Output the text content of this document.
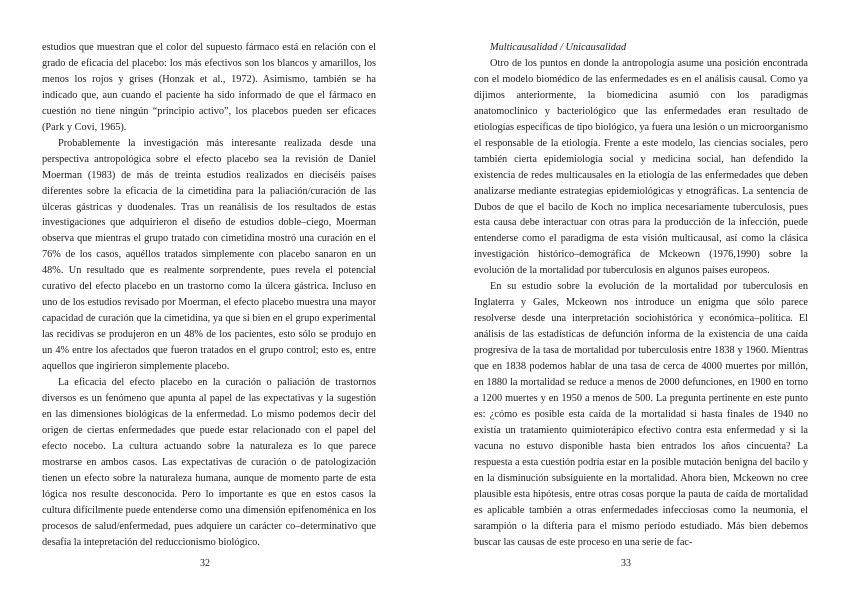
estudios que muestran que el color del supuesto fármaco está en relación con el grado de eficacia del placebo: los más efectivos son los blancos y amarillos, los menos los rojos y grises (Honzak et al., 1972). Asimismo, también se ha indicado que, aun cuando el paciente ha sido informado de que el fármaco en cuestión no tiene ningún “principio activo”, los placebos pueden ser eficaces (Park y Covi, 1965).

Probablemente la investigación más interesante realizada desde una perspectiva antropológica sobre el efecto placebo sea la revisión de Daniel Moerman (1983) de más de treinta estudios realizados en dieciséis países diferentes sobre la eficacia de la cimetidina para la paliación/curación de las úlceras gástricas y duodenales. Tras un reanálisis de los resultados de estas investigaciones que adquirieron el diseño de estudios doble–ciego, Moerman observa que mientras el grupo tratado con cimetidina mostró una curación en el 76% de los casos, aquéllos tratados simplemente con placebo sanaron en un 48%. Un resultado que es realmente sorprendente, pues revela el potencial curativo del efecto placebo en un trastorno como la úlcera gástrica. Incluso en uno de los estudios revisado por Moerman, el efecto placebo muestra una mayor capacidad de curación que la cimetidina, ya que si bien en el grupo experimental las recidivas se produjeron en un 48% de los pacientes, esto sólo se produjo en un 4% entre los afectados que fueron tratados en el grupo control; esto es, entre aquellos que ingirieron simplemente placebo.

La eficacia del efecto placebo en la curación o paliación de trastornos diversos es un fenómeno que apunta al papel de las expectativas y la sugestión en las dimensiones biológicas de la enfermedad. Lo mismo podemos decir del origen de ciertas enfermedades que puede estar relacionado con el papel del efecto nocebo. La cultura actuando sobre la naturaleza es lo que parece mostrarse en ambos casos. Las expectativas de curación o de patologización tienen un efecto sobre la naturaleza humana, aunque de momento parte de esta lógica nos resulte desconocida. Pero lo importante es que en estos casos la cultura difícilmente puede entenderse como una dimensión epifenoménica en los procesos de salud/enfermedad, pues adquiere un carácter co–determinativo que desafía la intepretación del reduccionismo biológico.

32

Multicausalidad / Unicausalidad

Otro de los puntos en donde la antropología asume una posición encontrada con el modelo biomédico de las enfermedades es en el análisis causal. Como ya dijimos anteriormente, la biomedicina asumió con los paradigmas anatomoclínico y bacteriológico que las enfermedades eran resultado de etiologías específicas de tipo biológico, ya fuera una lesión o un microorganismo el responsable de la etiología. Frente a este modelo, las ciencias sociales, pero también cierta epidemiología social y medicina social, han defendido la existencia de redes multicausales en la etiología de las enfermedades que deben analizarse mediante estrategias epidemiológicas y etnográficas. La sentencia de Dubos de que el bacilo de Koch no implica necesariamente tuberculosis, pues esta causa debe interactuar con otras para la producción de la infección, puede entenderse como el paradigma de esta visión multicausal, así como la clásica investigación histórico–demográfica de Mckeown (1976,1990) sobre la evolución de la mortalidad por tuberculosis en algunos países europeos.

En su estudio sobre la evolución de la mortalidad por tuberculosis en Inglaterra y Gales, Mckeown nos introduce un enigma que sólo parece resolverse desde una interpretación sociohistórica y económica–política. El análisis de las estadísticas de defunción informa de la existencia de una caída progresiva de la tasa de mortalidad por tuberculosis entre 1838 y 1960. Mientras que en 1838 podemos hablar de una tasa de cerca de 4000 muertes por millón, en 1880 la mortalidad se reduce a menos de 2000 defunciones, en 1900 en torno a 1200 muertes y en 1950 a menos de 500. La pregunta pertinente en este punto es: ¿cómo es posible esta caída de la mortalidad si hasta finales de 1940 no existía un tratamiento quimioterápico efectivo contra esta enfermedad y si la vacuna no estuvo disponible hasta bien entrados los años cincuenta? La respuesta a esta cuestión podría estar en la posible mutación benigna del bacilo y en la disminución subsiguiente en la mortalidad. Ahora bien, Mckeown no cree plausible esta hipótesis, entre otras cosas porque la pauta de caída de mortalidad es aplicable también a otras enfermedades infecciosas como la neumonía, el sarampión o la difteria para el mismo período estudiado. Más bien debemos buscar las causas de este proceso en una serie de fac-

33
